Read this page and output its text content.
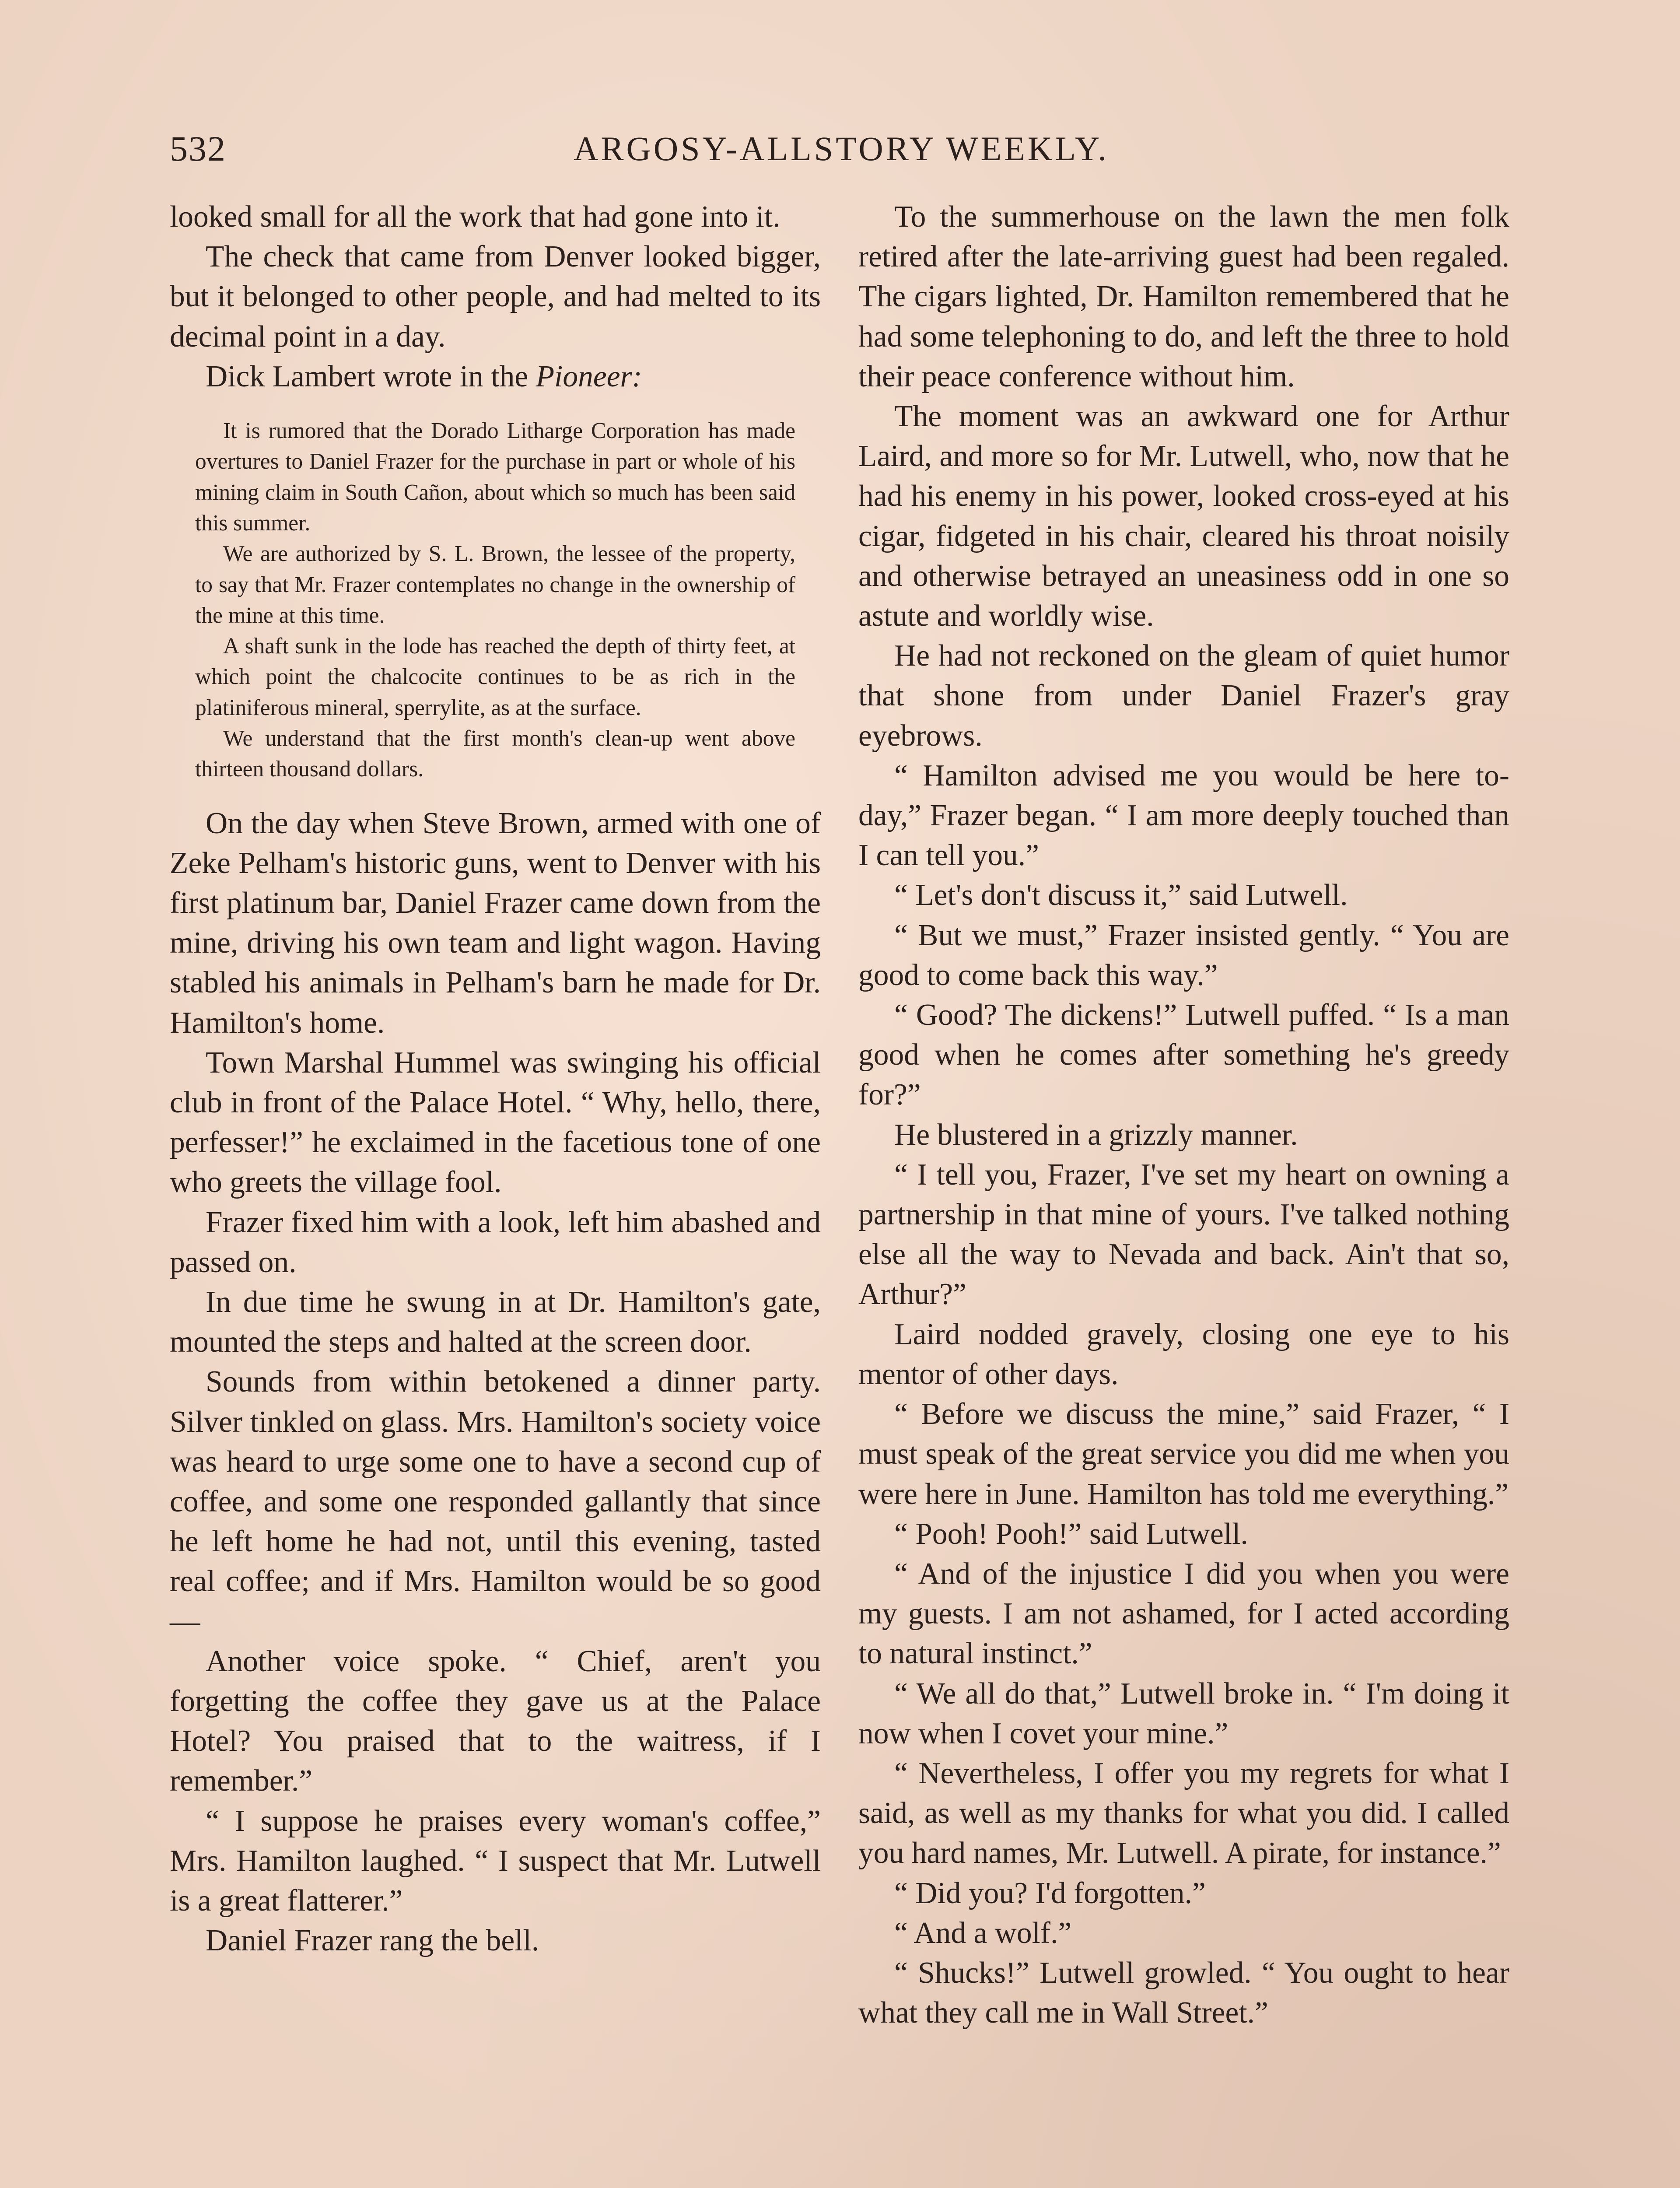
532	ARGOSY-ALLSTORY WEEKLY.

looked small for all the work that had gone into it.

The check that came from Denver looked bigger, but it belonged to other people, and had melted to its decimal point in a day.

Dick Lambert wrote in the Pioneer:

It is rumored that the Dorado Litharge Corporation has made overtures to Daniel Frazer for the purchase in part or whole of his mining claim in South Cañon, about which so much has been said this summer.

We are authorized by S. L. Brown, the lessee of the property, to say that Mr. Frazer contemplates no change in the ownership of the mine at this time.

A shaft sunk in the lode has reached the depth of thirty feet, at which point the chalcocite continues to be as rich in the platiniferous mineral, sperrylite, as at the surface.

We understand that the first month's clean-up went above thirteen thousand dollars.

On the day when Steve Brown, armed with one of Zeke Pelham's historic guns, went to Denver with his first platinum bar, Daniel Frazer came down from the mine, driving his own team and light wagon. Having stabled his animals in Pelham's barn he made for Dr. Hamilton's home.

Town Marshal Hummel was swinging his official club in front of the Palace Hotel. “ Why, hello, there, perfesser!” he exclaimed in the facetious tone of one who greets the village fool.

Frazer fixed him with a look, left him abashed and passed on.

In due time he swung in at Dr. Hamilton's gate, mounted the steps and halted at the screen door.

Sounds from within betokened a dinner party. Silver tinkled on glass. Mrs. Hamilton's society voice was heard to urge some one to have a second cup of coffee, and some one responded gallantly that since he left home he had not, until this evening, tasted real coffee; and if Mrs. Hamilton would be so good—

Another voice spoke. “ Chief, aren't you forgetting the coffee they gave us at the Palace Hotel? You praised that to the waitress, if I remember.”

“ I suppose he praises every woman's coffee,” Mrs. Hamilton laughed. “ I suspect that Mr. Lutwell is a great flatterer.”

Daniel Frazer rang the bell.

To the summerhouse on the lawn the men folk retired after the late-arriving guest had been regaled. The cigars lighted, Dr. Hamilton remembered that he had some telephoning to do, and left the three to hold their peace conference without him.

The moment was an awkward one for Arthur Laird, and more so for Mr. Lutwell, who, now that he had his enemy in his power, looked cross-eyed at his cigar, fidgeted in his chair, cleared his throat noisily and otherwise betrayed an uneasiness odd in one so astute and worldly wise.

He had not reckoned on the gleam of quiet humor that shone from under Daniel Frazer's gray eyebrows.

“ Hamilton advised me you would be here to-day,” Frazer began. “ I am more deeply touched than I can tell you.”

“ Let's don't discuss it,” said Lutwell.

“ But we must,” Frazer insisted gently. “ You are good to come back this way.”

“ Good? The dickens!” Lutwell puffed. “ Is a man good when he comes after something he's greedy for?”

He blustered in a grizzly manner.

“ I tell you, Frazer, I've set my heart on owning a partnership in that mine of yours. I've talked nothing else all the way to Nevada and back. Ain't that so, Arthur?”

Laird nodded gravely, closing one eye to his mentor of other days.

“ Before we discuss the mine,” said Frazer, “ I must speak of the great service you did me when you were here in June. Hamilton has told me everything.”

“ Pooh! Pooh!” said Lutwell.

“ And of the injustice I did you when you were my guests. I am not ashamed, for I acted according to natural instinct.”

“ We all do that,” Lutwell broke in. “ I'm doing it now when I covet your mine.”

“ Nevertheless, I offer you my regrets for what I said, as well as my thanks for what you did. I called you hard names, Mr. Lutwell. A pirate, for instance.”

“ Did you? I'd forgotten.”

“ And a wolf.”

“ Shucks!” Lutwell growled. “ You ought to hear what they call me in Wall Street.”
